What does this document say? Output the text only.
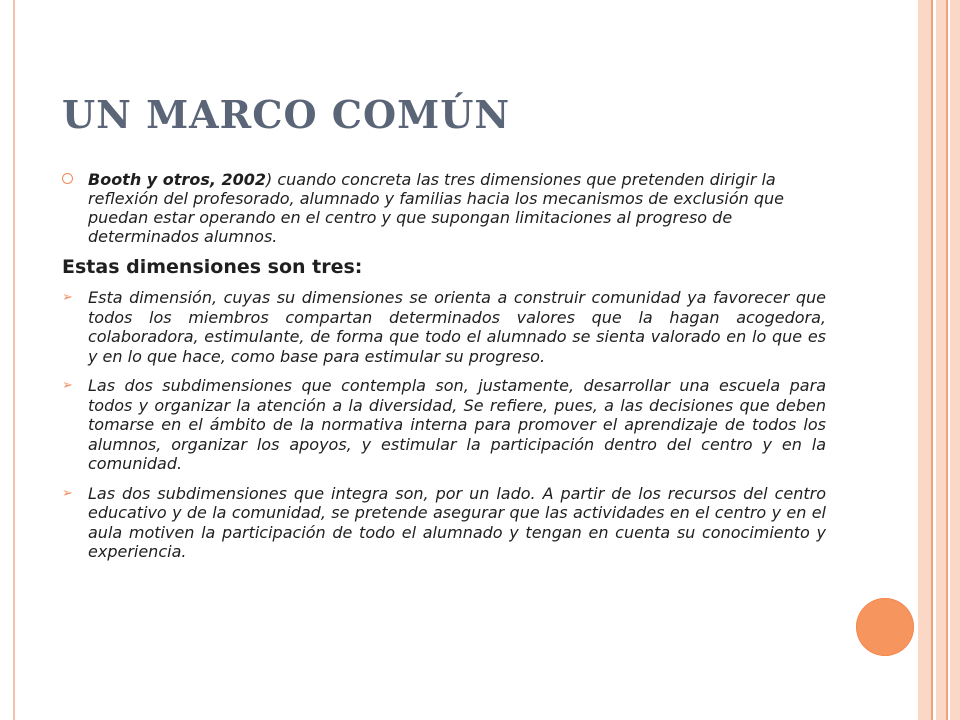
UN MARCO COMÚN

Booth y otros, 2002) cuando concreta las tres dimensiones que pretenden dirigir la reflexión del profesorado, alumnado y familias hacia los mecanismos de exclusión que puedan estar operando en el centro y que supongan limitaciones al progreso de determinados alumnos.

Estas dimensiones son tres:

➢ Esta dimensión, cuyas su dimensiones se orienta a construir comunidad ya favorecer que todos los miembros compartan determinados valores que la hagan acogedora, colaboradora, estimulante, de forma que todo el alumnado se sienta valorado en lo que es y en lo que hace, como base para estimular su progreso.

➢ Las dos subdimensiones que contempla son, justamente, desarrollar una escuela para todos y organizar la atención a la diversidad, Se refiere, pues, a las decisiones que deben tomarse en el ámbito de la normativa interna para promover el aprendizaje de todos los alumnos, organizar los apoyos, y estimular la participación dentro del centro y en la comunidad.

➢ Las dos subdimensiones que integra son, por un lado. A partir de los recursos del centro educativo y de la comunidad, se pretende asegurar que las actividades en el centro y en el aula motiven la participación de todo el alumnado y tengan en cuenta su conocimiento y experiencia.
